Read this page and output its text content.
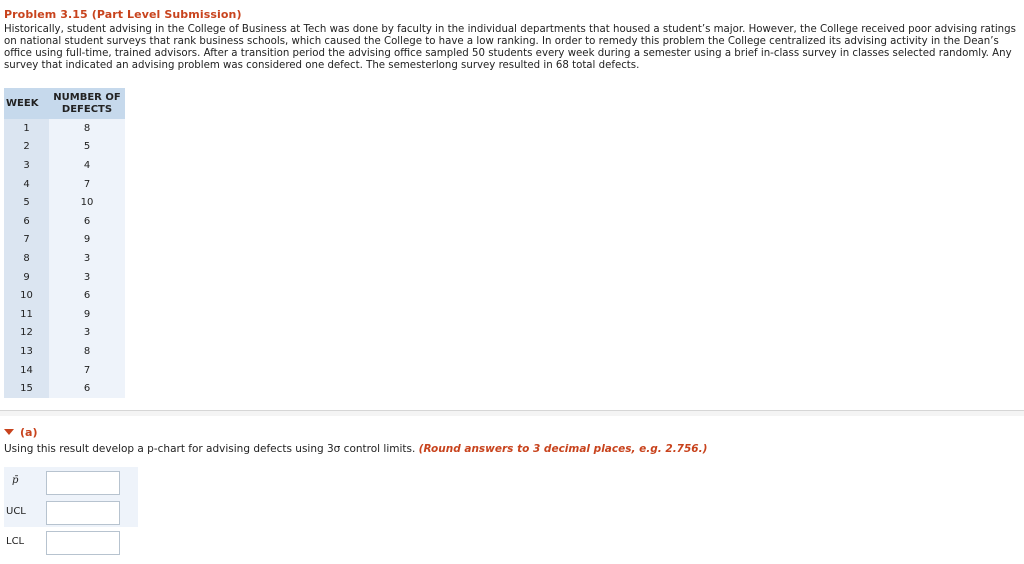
Problem 3.15 (Part Level Submission)
Historically, student advising in the College of Business at Tech was done by faculty in the individual departments that housed a student’s major. However, the College received poor advising ratings on national student surveys that rank business schools, which caused the College to have a low ranking. In order to remedy this problem the College centralized its advising activity in the Dean’s office using full-time, trained advisors. After a transition period the advising office sampled 50 students every week during a semester using a brief in-class survey in classes selected randomly. Any survey that indicated an advising problem was considered one defect. The semesterlong survey resulted in 68 total defects.
WEEK	NUMBER OF
DEFECTS
1	8
2	5
3	4
4	7
5	10
6	6
7	9
8	3
9	3
10	6
11	9
12	3
13	8
14	7
15	6
(a)
Using this result develop a p-chart for advising defects using 3σ control limits. (Round answers to 3 decimal places, e.g. 2.756.)
p̄
UCL
LCL
